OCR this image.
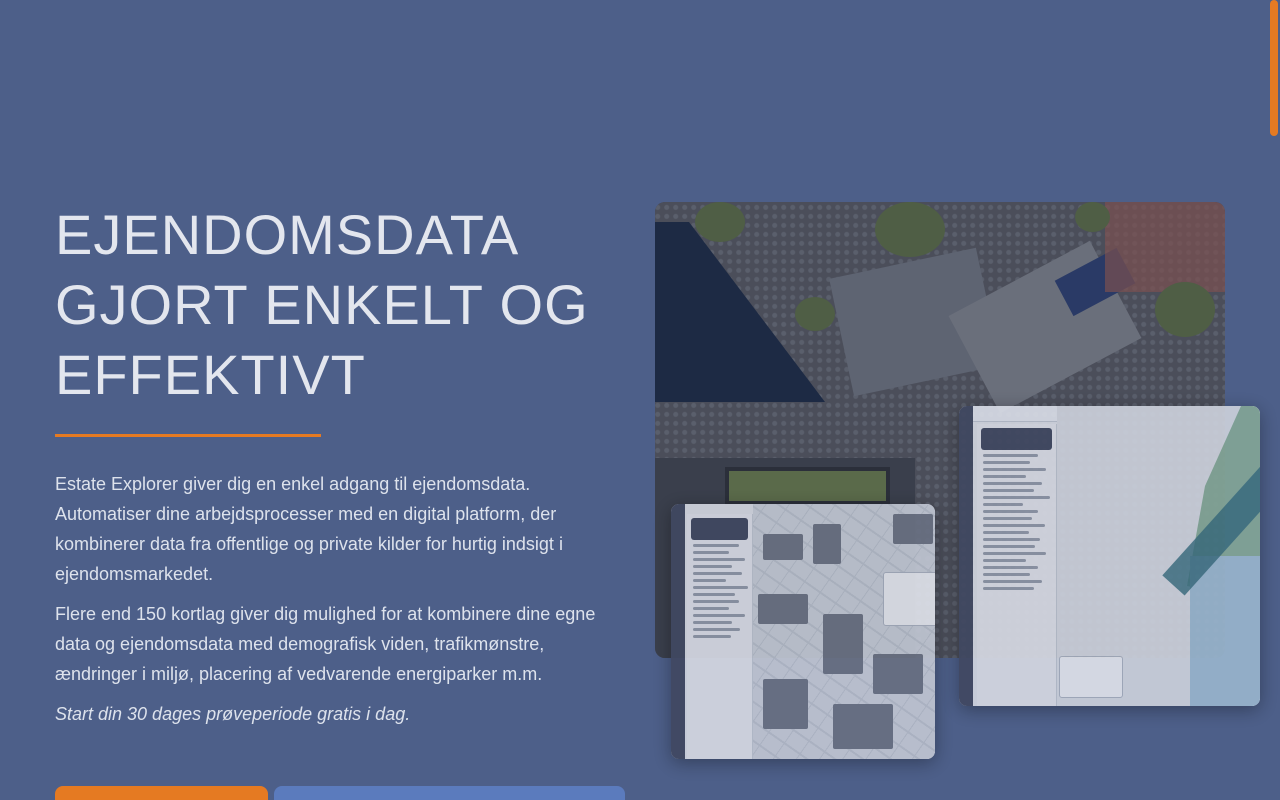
EJENDOMSDATA
GJORT ENKELT OG
EFFEKTIVT

Estate Explorer giver dig en enkel adgang til ejendomsdata. Automatiser dine arbejdsprocesser med en digital platform, der kombinerer data fra offentlige og private kilder for hurtig indsigt i ejendomsmarkedet.

Flere end 150 kortlag giver dig mulighed for at kombinere dine egne data og ejendomsdata med demografisk viden, trafikmønstre, ændringer i miljø, placering af vedvarende energiparker m.m.

Start din 30 dages prøveperiode gratis i dag.
